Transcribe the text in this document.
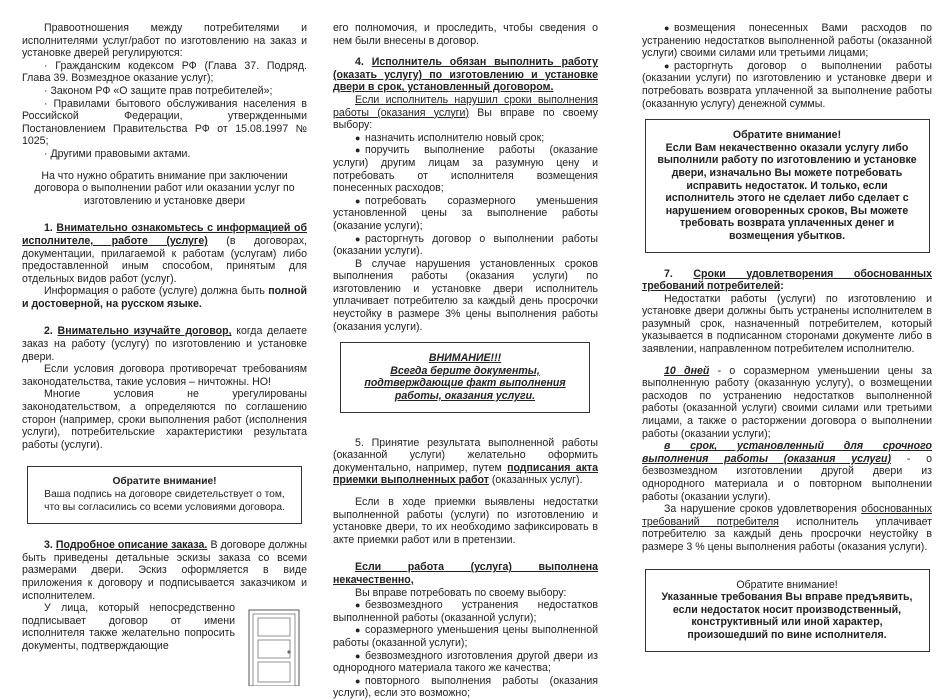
Правоотношения между потребителями и исполнителями услуг/работ по изготовлению на заказ и установке дверей регулируются:

· Гражданским кодексом РФ (Глава 37. Подряд. Глава 39. Возмездное оказание услуг);

· Законом РФ «О защите прав потребителей»;

· Правилами бытового обслуживания населения в Российской Федерации, утвержденными Постановлением Правительства РФ от 15.08.1997 № 1025;

· Другими правовыми актами.

На что нужно обратить внимание при заключении договора о выполнении работ или оказании услуг по изготовлению и установке двери

1. Внимательно ознакомьтесь с информацией об исполнителе, работе (услуге) (в договорах, документации, прилагаемой к работам (услугам) либо предоставленной иным способом, принятым для отдельных видов работ (услуг).

Информация о работе (услуге) должна быть полной и достоверной, на русском языке.

2. Внимательно изучайте договор, когда делаете заказ на работу (услугу) по изготовлению и установке двери.

Если условия договора противоречат требованиям законодательства, такие условия – ничтожны. НО!

Многие условия не урегулированы законодательством, а определяются по соглашению сторон (например, сроки выполнения работ (исполнения услуги), потребительские характеристики результата работы (услуги).

Обратите внимание!

Ваша подпись на договоре свидетельствует о том, что вы согласились со всеми условиями договора.

3. Подробное описание заказа. В договоре должны быть приведены детальные эскизы заказа со всеми размерами двери. Эскиз оформляется в виде приложения к договору и подписывается заказчиком и исполнителем.

У лица, который непосредственно подписывает договор от имени исполнителя также желательно попросить документы, подтверждающие

его полномочия, и проследить, чтобы сведения о нем были внесены в договор.

4. Исполнитель обязан выполнить работу (оказать услугу) по изготовлению и установке двери в срок, установленный договором.

Если исполнитель нарушил сроки выполнения работы (оказания услуги) Вы вправе по своему выбору:

● назначить исполнителю новый срок;
● поручить выполнение работы (оказание услуги) другим лицам за разумную цену и потребовать от исполнителя возмещения понесенных расходов;
● потребовать соразмерного уменьшения установленной цены за выполнение работы (оказание услуги);
● расторгнуть договор о выполнении работы (оказании услуги).

В случае нарушения установленных сроков выполнения работы (оказания услуги) по изготовлению и установке двери исполнитель уплачивает потребителю за каждый день просрочки неустойку в размере 3% цены выполнения работы (оказания услуги).

ВНИМАНИЕ!!!

Всегда берите документы, подтверждающие факт выполнения работы, оказания услуги.

5. Принятие результата выполненной работы (оказанной услуги) желательно оформить документально, например, путем подписания акта приемки выполненных работ (оказанных услуг).

Если в ходе приемки выявлены недостатки выполненной работы (услуги) по изготовлению и установке двери, то их необходимо зафиксировать в акте приемки работ или в претензии.

Если работа (услуга) выполнена некачественно,

Вы вправе потребовать по своему выбору:

● безвозмездного устранения недостатков выполненной работы (оказанной услуги);
● соразмерного уменьшения цены выполненной работы (оказанной услуги);
● безвозмездного изготовления другой двери из однородного материала такого же качества;
● повторного выполнения работы (оказания услуги), если это возможно;
● возмещения понесенных Вами расходов по устранению недостатков выполненной работы (оказанной услуги) своими силами или третьими лицами;
● расторгнуть договор о выполнении работы (оказании услуги) по изготовлению и установке двери и потребовать возврата уплаченной за выполнение работы (оказанную услугу) денежной суммы.

Обратите внимание!

Если Вам некачественно оказали услугу либо выполнили работу по изготовлению и установке двери, изначально Вы можете потребовать исправить недостаток. И только, если исполнитель этого не сделает либо сделает с нарушением оговоренных сроков, Вы можете требовать возврата уплаченных денег и возмещения убытков.

7. Сроки удовлетворения обоснованных требований потребителей:

Недостатки работы (услуги) по изготовлению и установке двери должны быть устранены исполнителем в разумный срок, назначенный потребителем, который указывается в подписанном сторонами документе либо в заявлении, направленном потребителем исполнителю.

10 дней - о соразмерном уменьшении цены за выполненную работу (оказанную услугу), о возмещении расходов по устранению недостатков выполненной работы (оказанной услуги) своими силами или третьими лицами, а также о расторжении договора о выполнении работы (оказании услуги);

в срок, установленный для срочного выполнения работы (оказания услуги) - о безвозмездном изготовлении другой двери из однородного материала и о повторном выполнении работы (оказании услуги).

За нарушение сроков удовлетворения обоснованных требований потребителя исполнитель уплачивает потребителю за каждый день просрочки неустойку в размере 3 % цены выполнения работы (оказания услуги).

Обратите внимание!

Указанные требования Вы вправе предъявить, если недостаток носит производственный, конструктивный или иной характер, произошедший по вине исполнителя.
